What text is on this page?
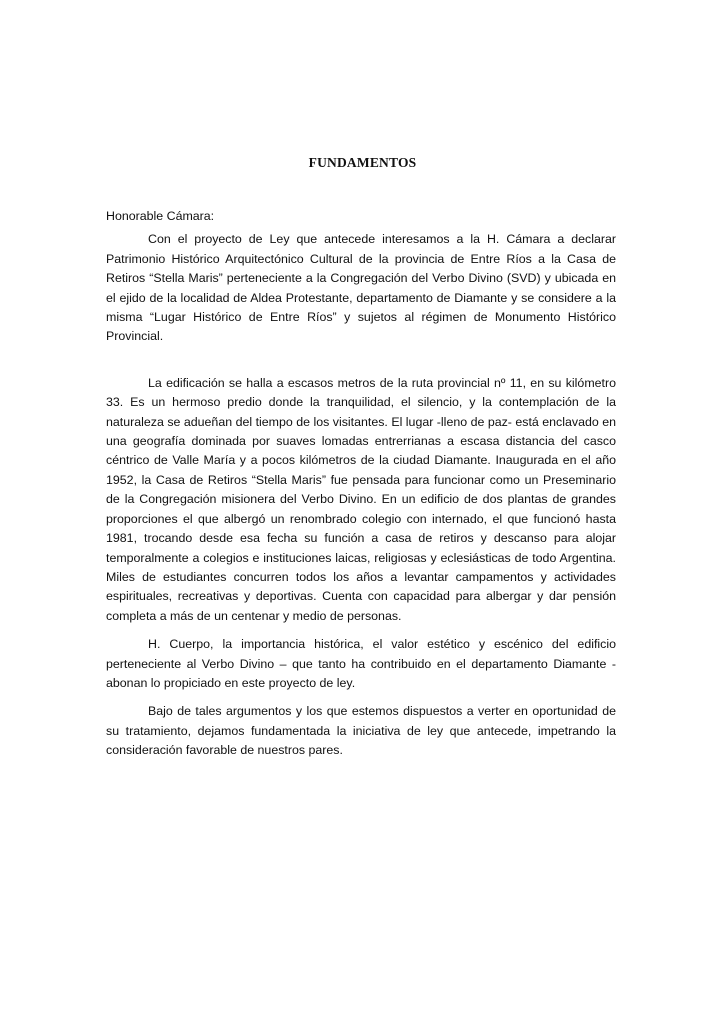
FUNDAMENTOS

Honorable Cámara:

Con el proyecto de Ley que antecede interesamos a la H. Cámara a declarar Patrimonio Histórico Arquitectónico Cultural de la provincia de Entre Ríos a la Casa de Retiros “Stella Maris” perteneciente a la Congregación del Verbo Divino (SVD) y ubicada en el ejido de la localidad de Aldea Protestante, departamento de Diamante y se considere a la misma “Lugar Histórico de Entre Ríos” y sujetos al régimen de Monumento Histórico Provincial.

La edificación se halla a escasos metros de la ruta provincial nº 11, en su kilómetro 33. Es un hermoso predio donde la tranquilidad, el silencio, y la contemplación de la naturaleza se adueñan del tiempo de los visitantes. El lugar -lleno de paz- está enclavado en una geografía dominada por suaves lomadas entrerrianas a escasa distancia del casco céntrico de Valle María y a pocos kilómetros de la ciudad Diamante. Inaugurada en el año 1952, la Casa de Retiros “Stella Maris” fue pensada para funcionar como un Preseminario de la Congregación misionera del Verbo Divino. En un edificio de dos plantas de grandes proporciones el que albergó un renombrado colegio con internado, el que funcionó hasta 1981, trocando desde esa fecha su función a casa de retiros y descanso para alojar temporalmente a colegios e instituciones laicas, religiosas y eclesiásticas de todo Argentina. Miles de estudiantes concurren todos los años a levantar campamentos y actividades espirituales, recreativas y deportivas. Cuenta con capacidad para albergar y dar pensión completa a más de un centenar y medio de personas.

H. Cuerpo, la importancia histórica, el valor estético y escénico del edificio perteneciente al Verbo Divino – que tanto ha contribuido en el departamento Diamante - abonan lo propiciado en este proyecto de ley.

Bajo de tales argumentos y los que estemos dispuestos a verter en oportunidad de su tratamiento, dejamos fundamentada la iniciativa de ley que antecede, impetrando la consideración favorable de nuestros pares.
